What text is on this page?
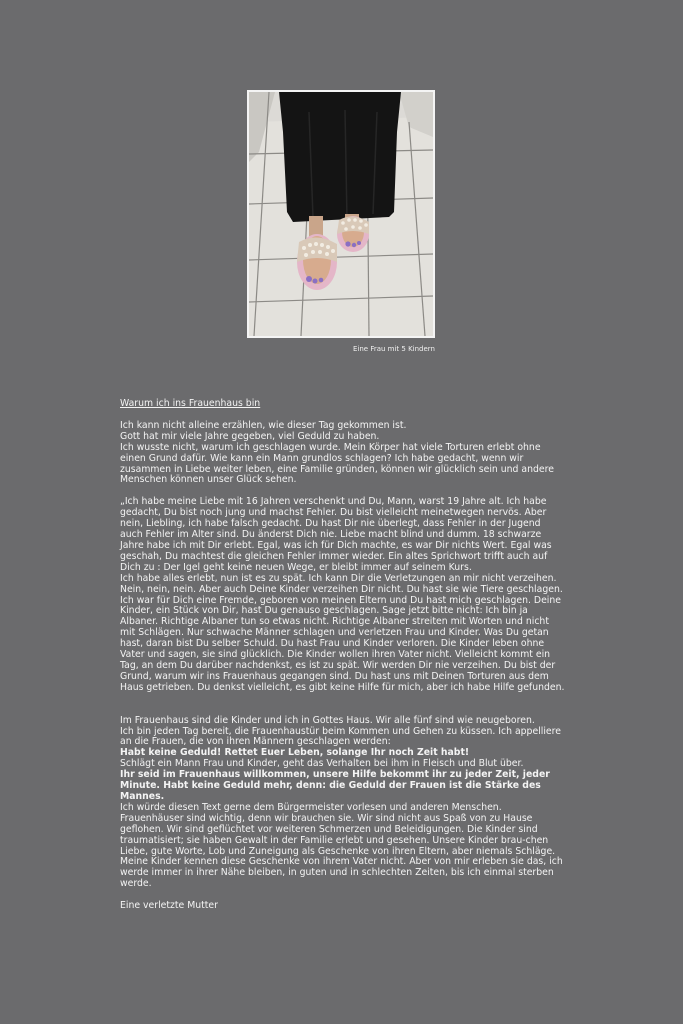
Eine Frau mit 5 Kindern

Warum ich ins Frauenhaus bin

Ich kann nicht alleine erzählen, wie dieser Tag gekommen ist.

Gott hat mir viele Jahre gegeben, viel Geduld zu haben.

Ich wusste nicht, warum ich geschlagen wurde. Mein Körper hat viele Torturen erlebt ohne einen Grund dafür. Wie kann ein Mann grundlos schlagen? Ich habe gedacht, wenn wir zusammen in Liebe weiter leben, eine Familie gründen, können wir glücklich sein und andere Menschen können unser Glück sehen.

„Ich habe meine Liebe mit 16 Jahren verschenkt und Du, Mann, warst 19 Jahre alt. Ich habe gedacht, Du bist noch jung und machst Fehler. Du bist vielleicht meinetwegen nervös. Aber nein, Liebling, ich habe falsch gedacht. Du hast Dir nie überlegt, dass Fehler in der Jugend auch Fehler im Alter sind. Du änderst Dich nie. Liebe macht blind und dumm. 18 schwarze Jahre habe ich mit Dir erlebt. Egal, was ich für Dich machte, es war Dir nichts Wert. Egal was geschah, Du machtest die gleichen Fehler immer wieder. Ein altes Sprichwort trifft auch auf Dich zu : Der Igel geht keine neuen Wege, er bleibt immer auf seinem Kurs.

Ich habe alles erlebt, nun ist es zu spät. Ich kann Dir die Verletzungen an mir nicht verzeihen. Nein, nein, nein. Aber auch Deine Kinder verzeihen Dir nicht. Du hast sie wie Tiere geschlagen. Ich war für Dich eine Fremde, geboren von meinen Eltern und Du hast mich geschlagen. Deine Kinder, ein Stück von Dir, hast Du genauso geschlagen. Sage jetzt bitte nicht: Ich bin ja Albaner. Richtige Albaner tun so etwas nicht. Richtige Albaner streiten mit Worten und nicht mit Schlägen. Nur schwache Männer schlagen und verletzen Frau und Kinder. Was Du getan hast, daran bist Du selber Schuld. Du hast Frau und Kinder verloren. Die Kinder leben ohne Vater und sagen, sie sind glücklich. Die Kinder wollen ihren Vater nicht. Vielleicht kommt ein Tag, an dem Du darüber nachdenkst, es ist zu spät. Wir werden Dir nie verzeihen. Du bist der Grund, warum wir ins Frauenhaus gegangen sind. Du hast uns mit Deinen Torturen aus dem Haus getrieben. Du denkst vielleicht, es gibt keine Hilfe für mich, aber ich habe Hilfe gefunden.

Im Frauenhaus sind die Kinder und ich in Gottes Haus. Wir alle fünf sind wie neugeboren.

Ich bin jeden Tag bereit, die Frauenhaustür beim Kommen und Gehen zu küssen. Ich appelliere an die Frauen, die von ihren Männern geschlagen werden:

Habt keine Geduld! Rettet Euer Leben, solange Ihr noch Zeit habt!

Schlägt ein Mann Frau und Kinder, geht das Verhalten bei ihm in Fleisch und Blut über.

Ihr seid im Frauenhaus willkommen, unsere Hilfe bekommt ihr zu jeder Zeit, jeder Minute. Habt keine Geduld mehr, denn: die Geduld der Frauen ist die Stärke des Mannes.

Ich würde diesen Text gerne dem Bürgermeister vorlesen und anderen Menschen. Frauenhäuser sind wichtig, denn wir brauchen sie. Wir sind nicht aus Spaß von zu Hause geflohen. Wir sind geflüchtet vor weiteren Schmerzen und Beleidigungen. Die Kinder sind traumatisiert; sie haben Gewalt in der Familie erlebt und gesehen. Unsere Kinder brau-chen Liebe, gute Worte, Lob und Zuneigung als Geschenke von ihren Eltern, aber niemals Schläge. Meine Kinder kennen diese Geschenke von ihrem Vater nicht. Aber von mir erleben sie das, ich werde immer in ihrer Nähe bleiben, in guten und in schlechten Zeiten, bis ich einmal sterben werde.

Eine verletzte Mutter
